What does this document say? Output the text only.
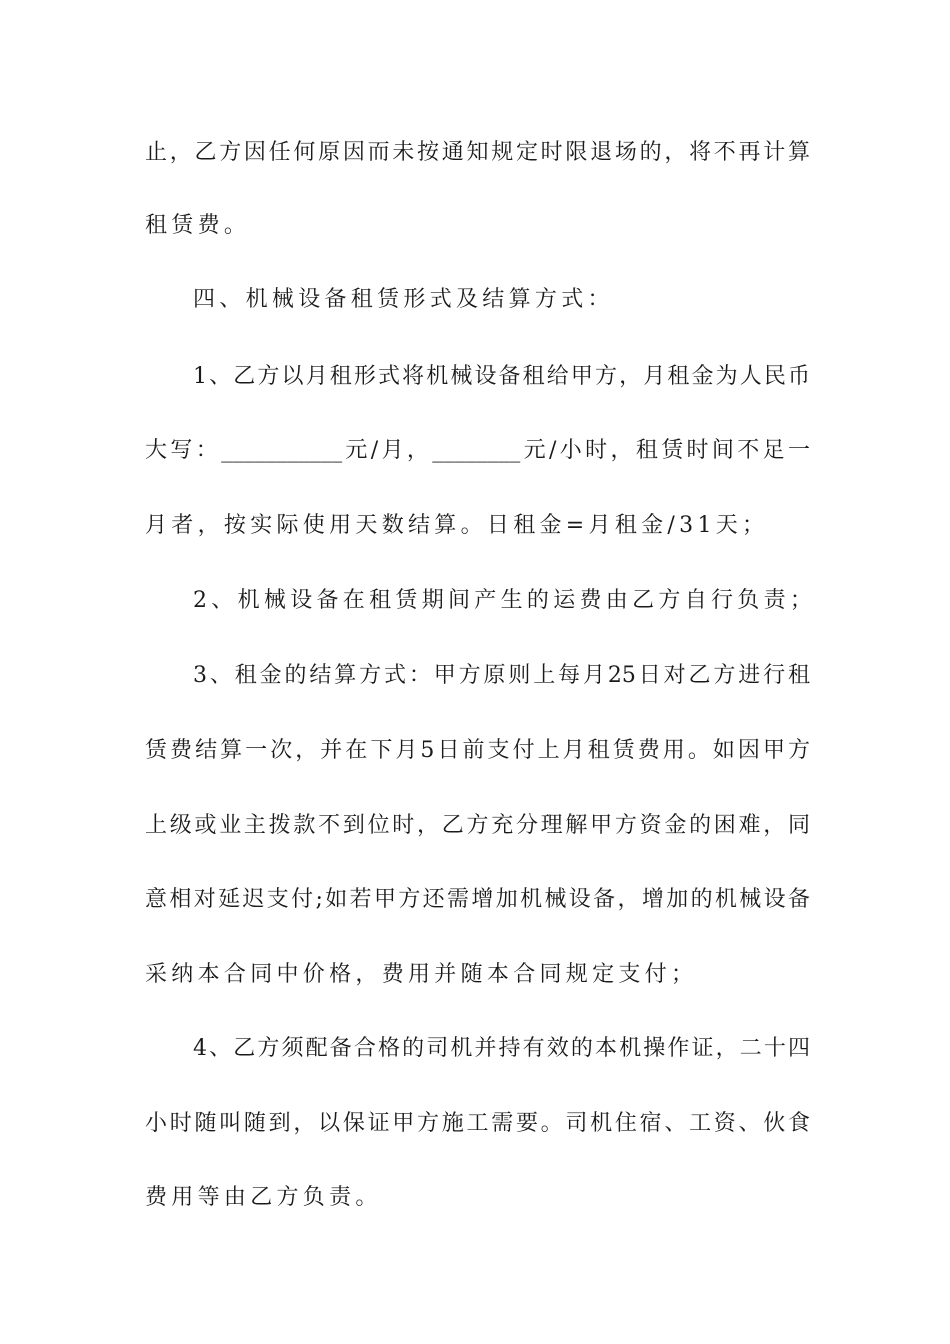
止，乙方因任何原因而未按通知规定时限退场的，将不再计算
租赁费。
四、机械设备租赁形式及结算方式：
1、乙方以月租形式将机械设备租给甲方，月租金为人民币
大写：___________元/月，________元/小时，租赁时间不足一
月者，按实际使用天数结算。日租金=月租金/31天；
2、机械设备在租赁期间产生的运费由乙方自行负责；
3、租金的结算方式：甲方原则上每月25日对乙方进行租
赁费结算一次，并在下月5日前支付上月租赁费用。如因甲方
上级或业主拨款不到位时，乙方充分理解甲方资金的困难，同
意相对延迟支付;如若甲方还需增加机械设备，增加的机械设备
采纳本合同中价格，费用并随本合同规定支付；
4、乙方须配备合格的司机并持有效的本机操作证，二十四
小时随叫随到，以保证甲方施工需要。司机住宿、工资、伙食
费用等由乙方负责。
